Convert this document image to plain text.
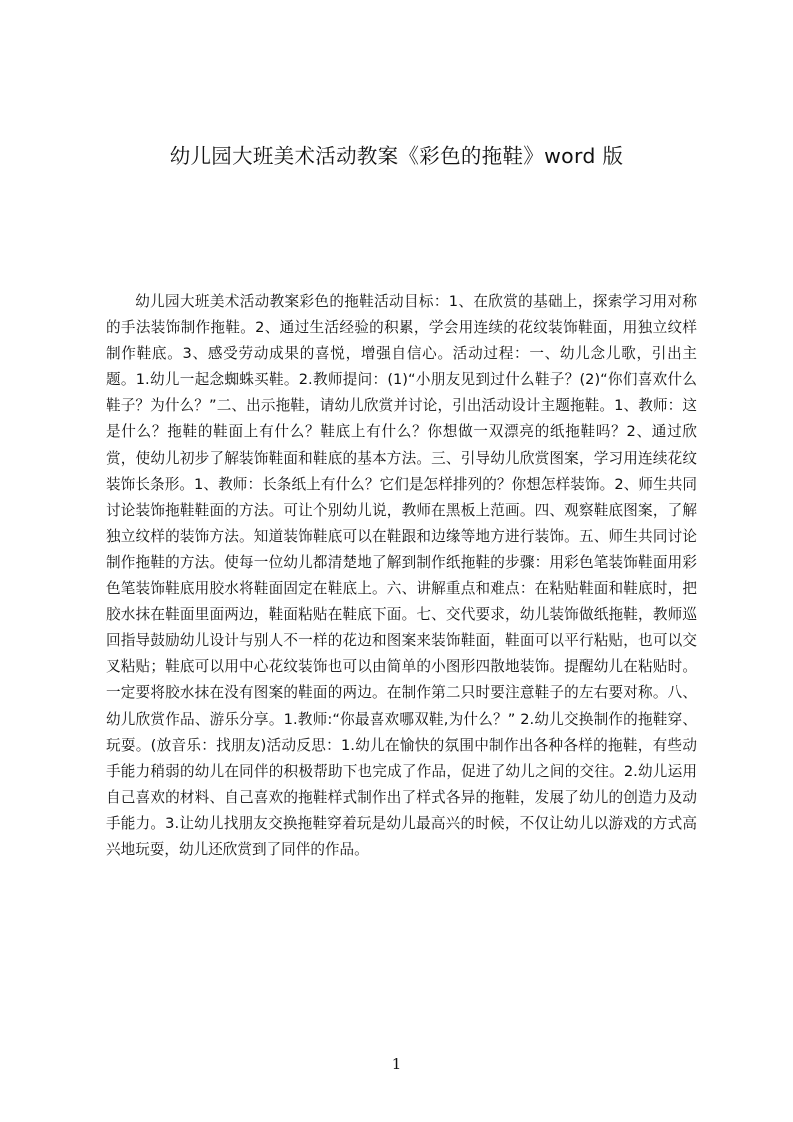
幼儿园大班美术活动教案《彩色的拖鞋》word 版

幼儿园大班美术活动教案彩色的拖鞋活动目标：1、在欣赏的基础上，探索学习用对称的手法装饰制作拖鞋。2、通过生活经验的积累，学会用连续的花纹装饰鞋面，用独立纹样制作鞋底。3、感受劳动成果的喜悦，增强自信心。活动过程：一、幼儿念儿歌，引出主题。1.幼儿一起念蜘蛛买鞋。2.教师提问：(1)“小朋友见到过什么鞋子？(2)“你们喜欢什么鞋子？为什么？”二、出示拖鞋，请幼儿欣赏并讨论，引出活动设计主题拖鞋。1、教师：这是什么？拖鞋的鞋面上有什么？鞋底上有什么？你想做一双漂亮的纸拖鞋吗？2、通过欣赏，使幼儿初步了解装饰鞋面和鞋底的基本方法。三、引导幼儿欣赏图案，学习用连续花纹装饰长条形。1、教师：长条纸上有什么？它们是怎样排列的？你想怎样装饰。2、师生共同讨论装饰拖鞋鞋面的方法。可让个别幼儿说，教师在黑板上范画。四、观察鞋底图案，了解独立纹样的装饰方法。知道装饰鞋底可以在鞋跟和边缘等地方进行装饰。五、师生共同讨论制作拖鞋的方法。使每一位幼儿都清楚地了解到制作纸拖鞋的步骤：用彩色笔装饰鞋面用彩色笔装饰鞋底用胶水将鞋面固定在鞋底上。六、讲解重点和难点：在粘贴鞋面和鞋底时，把胶水抹在鞋面里面两边，鞋面粘贴在鞋底下面。七、交代要求，幼儿装饰做纸拖鞋，教师巡回指导鼓励幼儿设计与别人不一样的花边和图案来装饰鞋面，鞋面可以平行粘贴，也可以交叉粘贴；鞋底可以用中心花纹装饰也可以由简单的小图形四散地装饰。提醒幼儿在粘贴时。一定要将胶水抹在没有图案的鞋面的两边。在制作第二只时要注意鞋子的左右要对称。八、幼儿欣赏作品、游乐分享。1.教师:“你最喜欢哪双鞋,为什么？” 2.幼儿交换制作的拖鞋穿、玩耍。(放音乐：找朋友)活动反思：1.幼儿在愉快的氛围中制作出各种各样的拖鞋，有些动手能力稍弱的幼儿在同伴的积极帮助下也完成了作品，促进了幼儿之间的交往。2.幼儿运用自己喜欢的材料、自己喜欢的拖鞋样式制作出了样式各异的拖鞋，发展了幼儿的创造力及动手能力。3.让幼儿找朋友交换拖鞋穿着玩是幼儿最高兴的时候，不仅让幼儿以游戏的方式高兴地玩耍，幼儿还欣赏到了同伴的作品。

1
